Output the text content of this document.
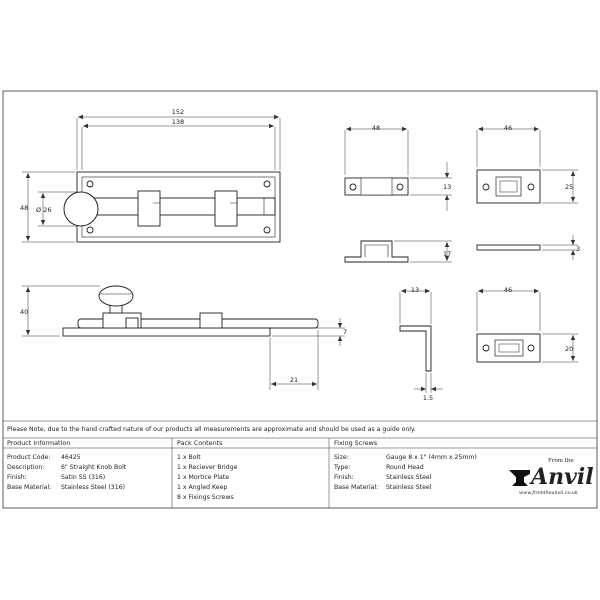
152
138
48 Ø 26
40
7
21
48
13
17
46
25
3
13
1.5
46
20
Please Note, due to the hand crafted nature of our products all measurements are approximate and should be used as a guide only.
Product Information
Product Code: 46425
Description:	6" Straight Knob Bolt
Finish:	Satin SS (316)
Base Material: Stainless Steel (316)
Pack Contents
1 x Bolt
1 x Reciever Bridge
1 x Mortice Plate
1 x Angled Keep
8 x Fixings Screws
Fixing Screws
Size:	Gauge 8 x 1" (4mm x 25mm)
Type:	Round Head
Finish:	Stainless Steel
Base Material: Stainless Steel
From the
Anvil
www.fromtheanvil.co.uk
